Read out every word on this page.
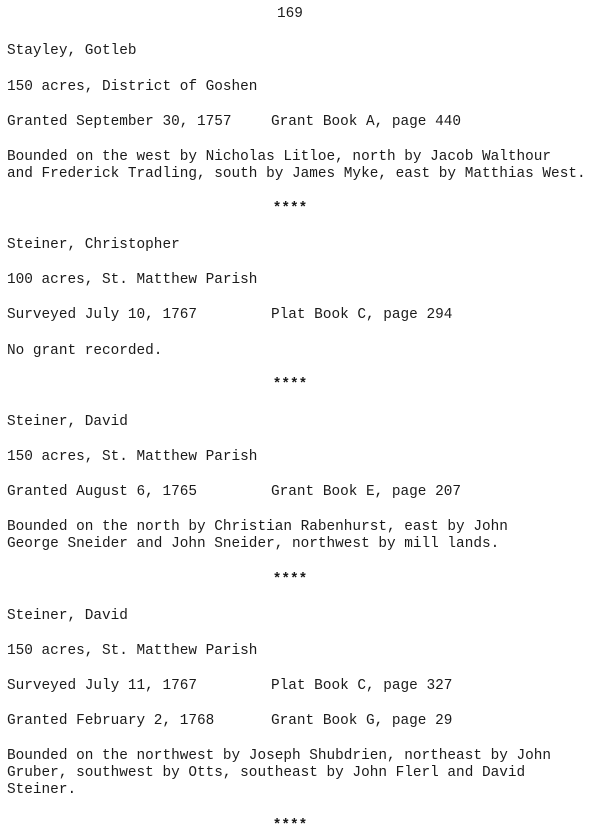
169
Stayley, Gotleb
150 acres, District of Goshen
Granted September 30, 1757	Grant Book A, page 440
Bounded on the west by Nicholas Litloe, north by Jacob Walthour
and Frederick Tradling, south by James Myke, east by Matthias West.
****
Steiner, Christopher
100 acres, St. Matthew Parish
Surveyed July 10, 1767	Plat Book C, page 294
No grant recorded.
****
Steiner, David
150 acres, St. Matthew Parish
Granted August 6, 1765	Grant Book E, page 207
Bounded on the north by Christian Rabenhurst, east by John
George Sneider and John Sneider, northwest by mill lands.
****
Steiner, David
150 acres, St. Matthew Parish
Surveyed July 11, 1767	Plat Book C, page 327
Granted February 2, 1768	Grant Book G, page 29
Bounded on the northwest by Joseph Shubdrien, northeast by John
Gruber, southwest by Otts, southeast by John Flerl and David
Steiner.
****
